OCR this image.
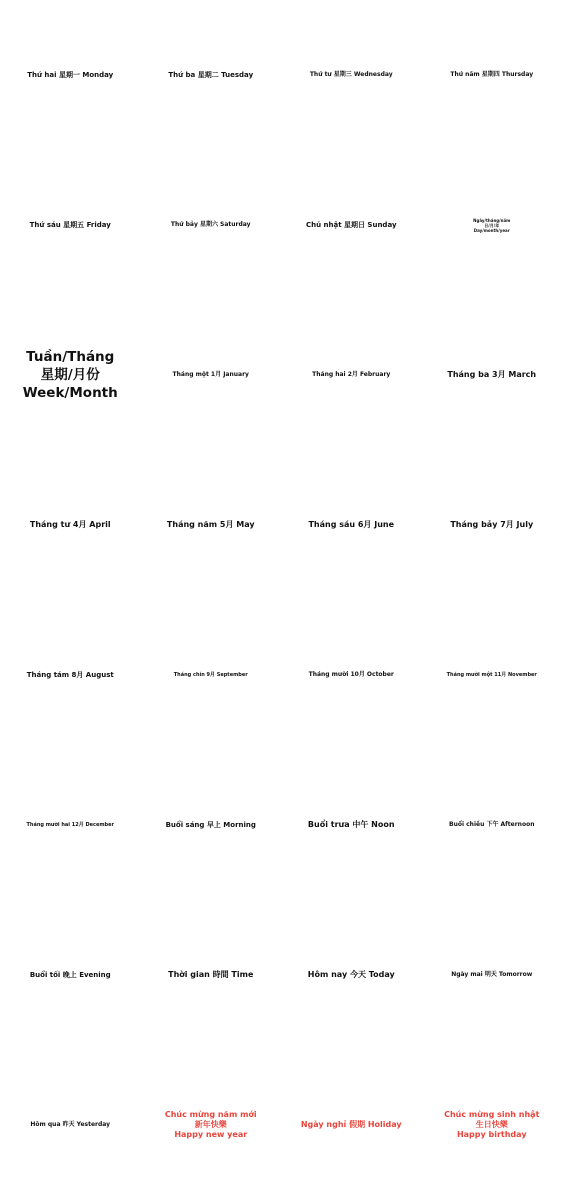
Thứ hai 星期一 Monday	Thứ ba 星期二 Tuesday	Thứ tư 星期三 Wednesday	Thứ năm 星期四 Thursday
Thứ sáu 星期五 Friday	Thứ bảy 星期六 Saturday	Chủ nhật 星期日 Sunday
Ngày/tháng/năm
日/月/年
Day/month/year
Tuần/Tháng
星期/月份
Week/Month
Tháng một 1月 January	Tháng hai 2月 February	Tháng ba 3月 March
Tháng tư 4月 April	Tháng năm 5月 May	Tháng sáu 6月 June	Tháng bảy 7月 July
Tháng tám 8月 August	Tháng chín 9月 September	Tháng mười 10月 October	Tháng mười một 11月 November
Tháng mười hai 12月 December	Buổi sáng 早上 Morning	Buổi trưa 中午 Noon	Buổi chiều 下午 Afternoon
Buổi tối 晚上 Evening	Thời gian 時間 Time	Hôm nay 今天 Today	Ngày mai 明天 Tomorrow
Hôm qua 昨天 Yesterday
Chúc mừng năm mới
新年快樂
Happy new year
Ngày nghỉ 假期 Holiday
Chúc mừng sinh nhật
生日快樂
Happy birthday
